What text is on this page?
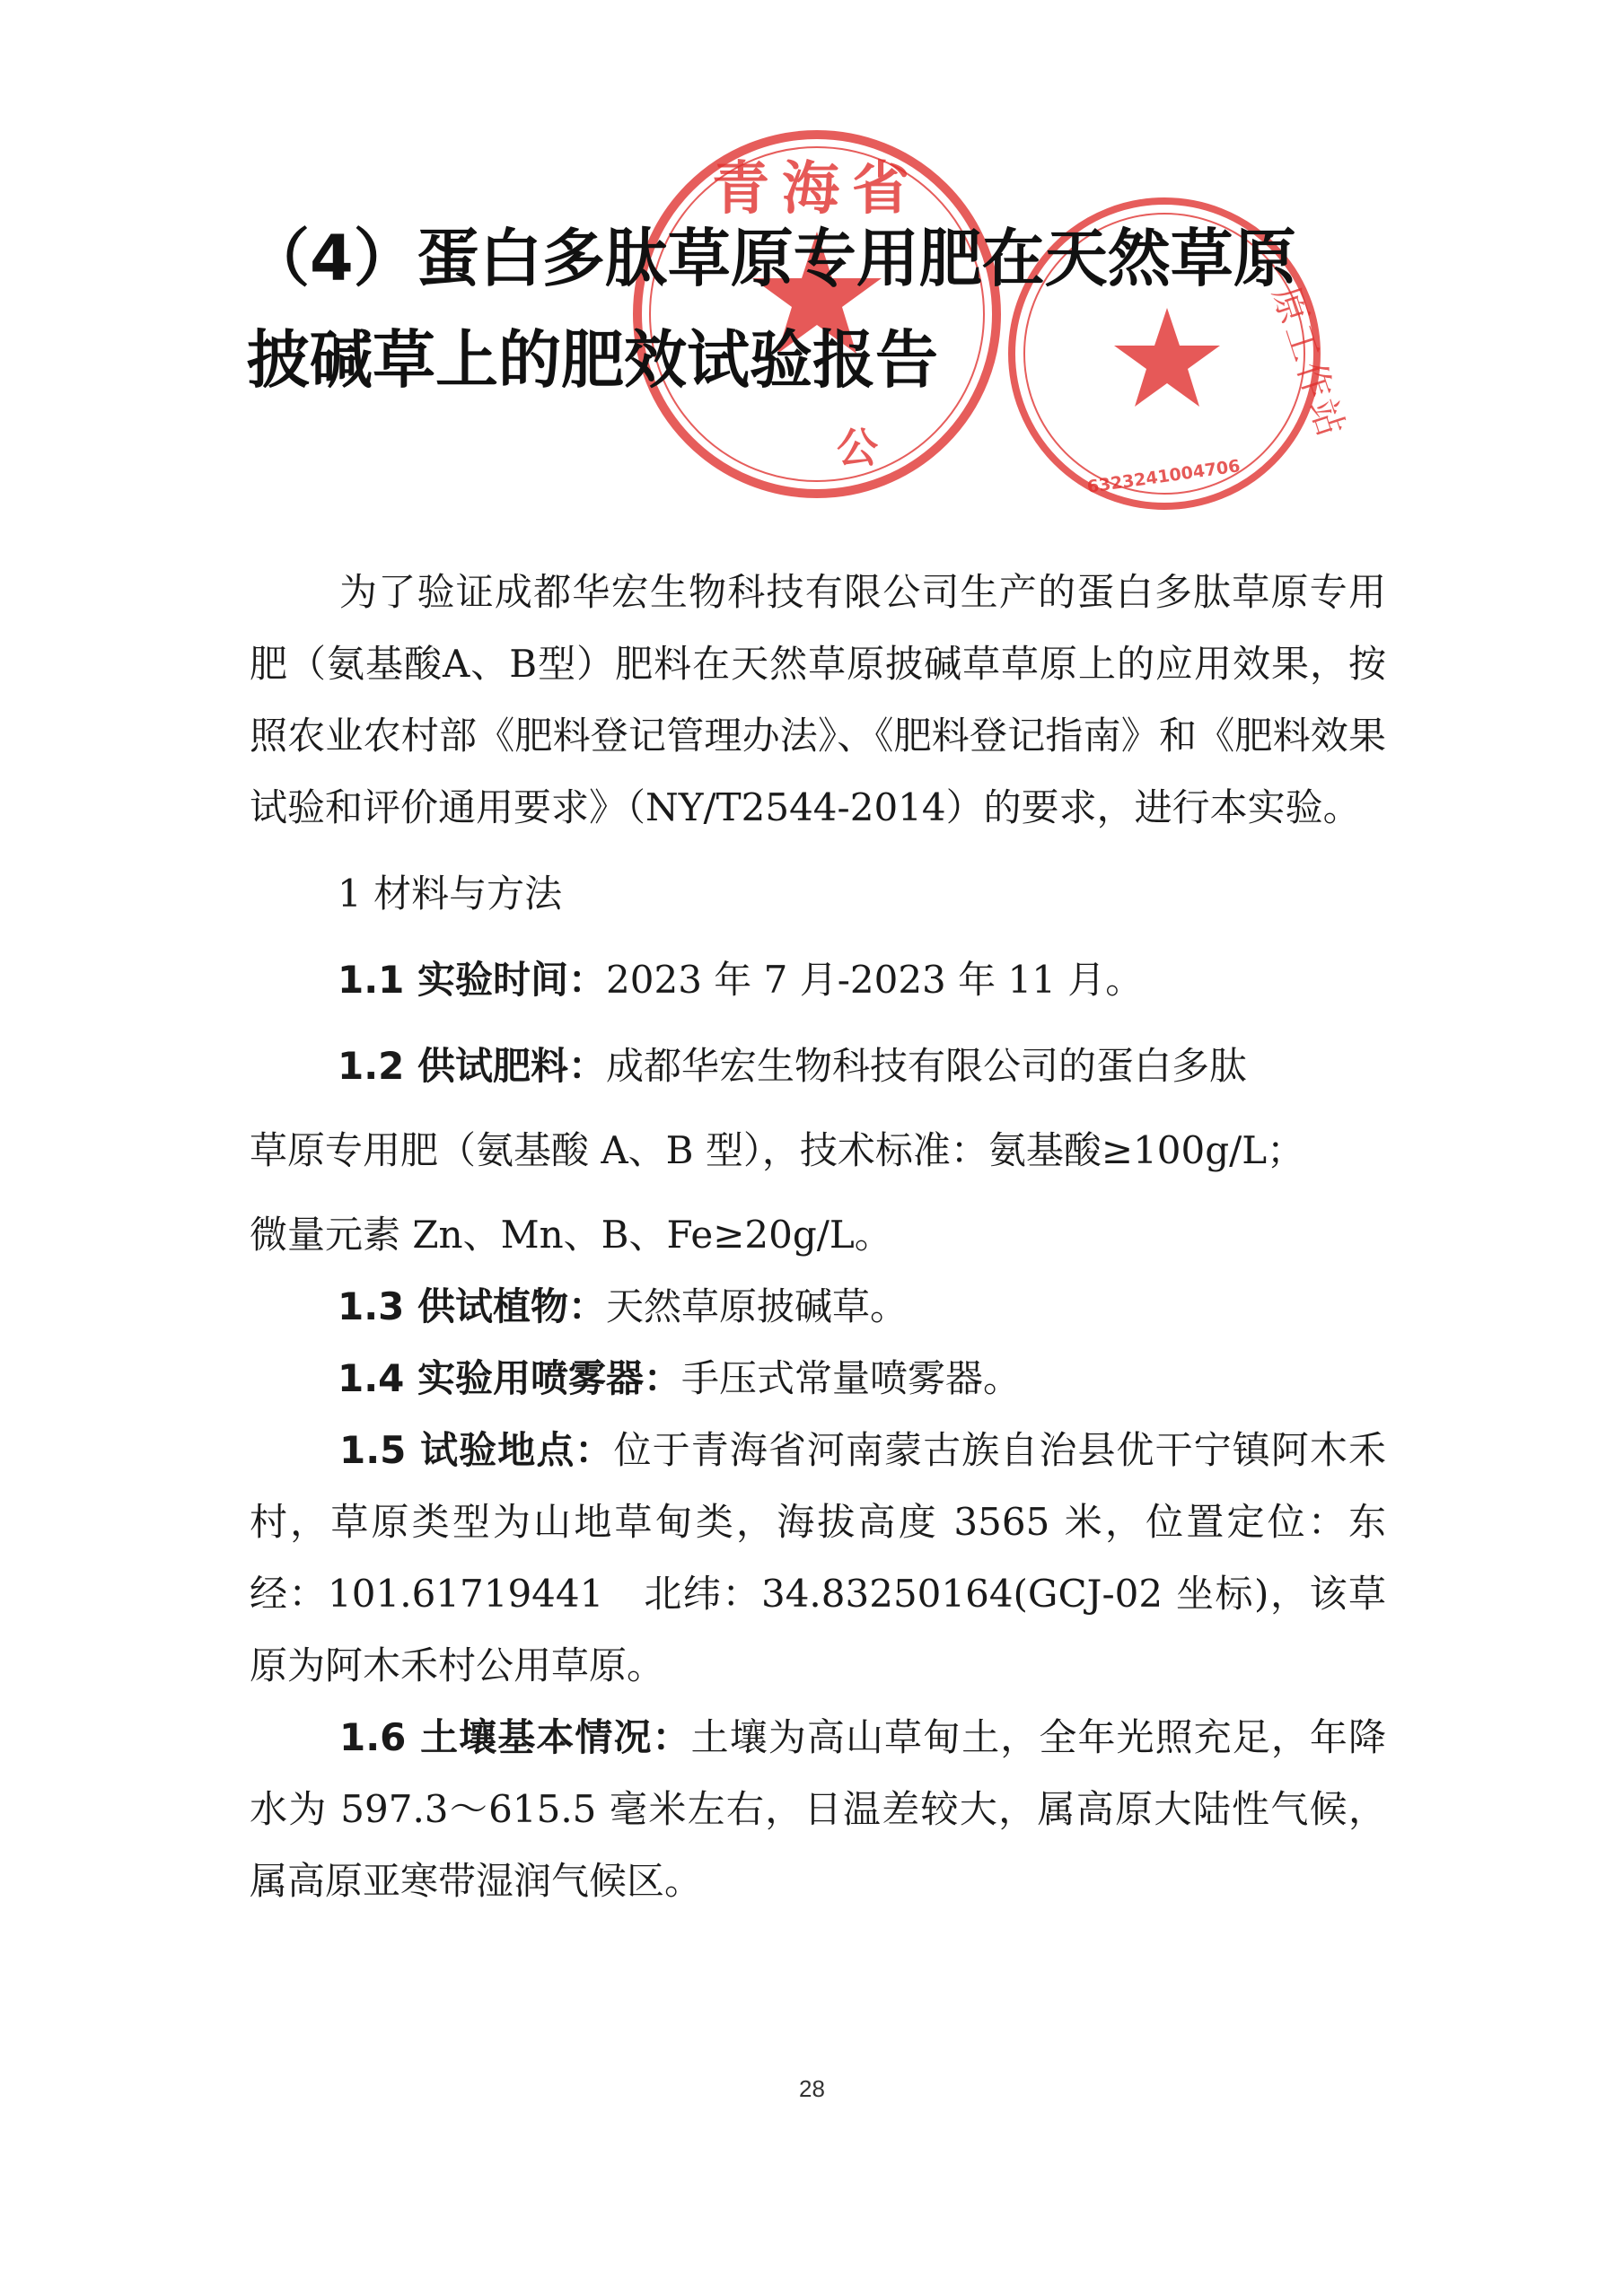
青海省
公
原工作站
6323241004706
（4）蛋白多肽草原专用肥在天然草原
披碱草上的肥效试验报告

为了验证成都华宏生物科技有限公司生产的蛋白多肽草原专用肥（氨基酸A、B型）肥料在天然草原披碱草草原上的应用效果，按照农业农村部《肥料登记管理办法》、《肥料登记指南》和《肥料效果试验和评价通用要求》（NY/T2544-2014）的要求，进行本实验。

1 材料与方法

1.1 实验时间：2023 年 7 月-2023 年 11 月。

1.2 供试肥料：成都华宏生物科技有限公司的蛋白多肽

草原专用肥（氨基酸 A、B 型），技术标准：氨基酸≥100g/L；

微量元素 Zn、Mn、B、Fe≥20g/L。

1.3 供试植物：天然草原披碱草。

1.4 实验用喷雾器：手压式常量喷雾器。

1.5 试验地点：位于青海省河南蒙古族自治县优干宁镇阿木禾村，草原类型为山地草甸类，海拔高度 3565 米，位置定位：东经：101.61719441　北纬：34.83250164(GCJ-02 坐标)，该草原为阿木禾村公用草原。

1.6 土壤基本情况：土壤为高山草甸土，全年光照充足，年降水为 597.3～615.5 毫米左右，日温差较大，属高原大陆性气候，属高原亚寒带湿润气候区。

28
